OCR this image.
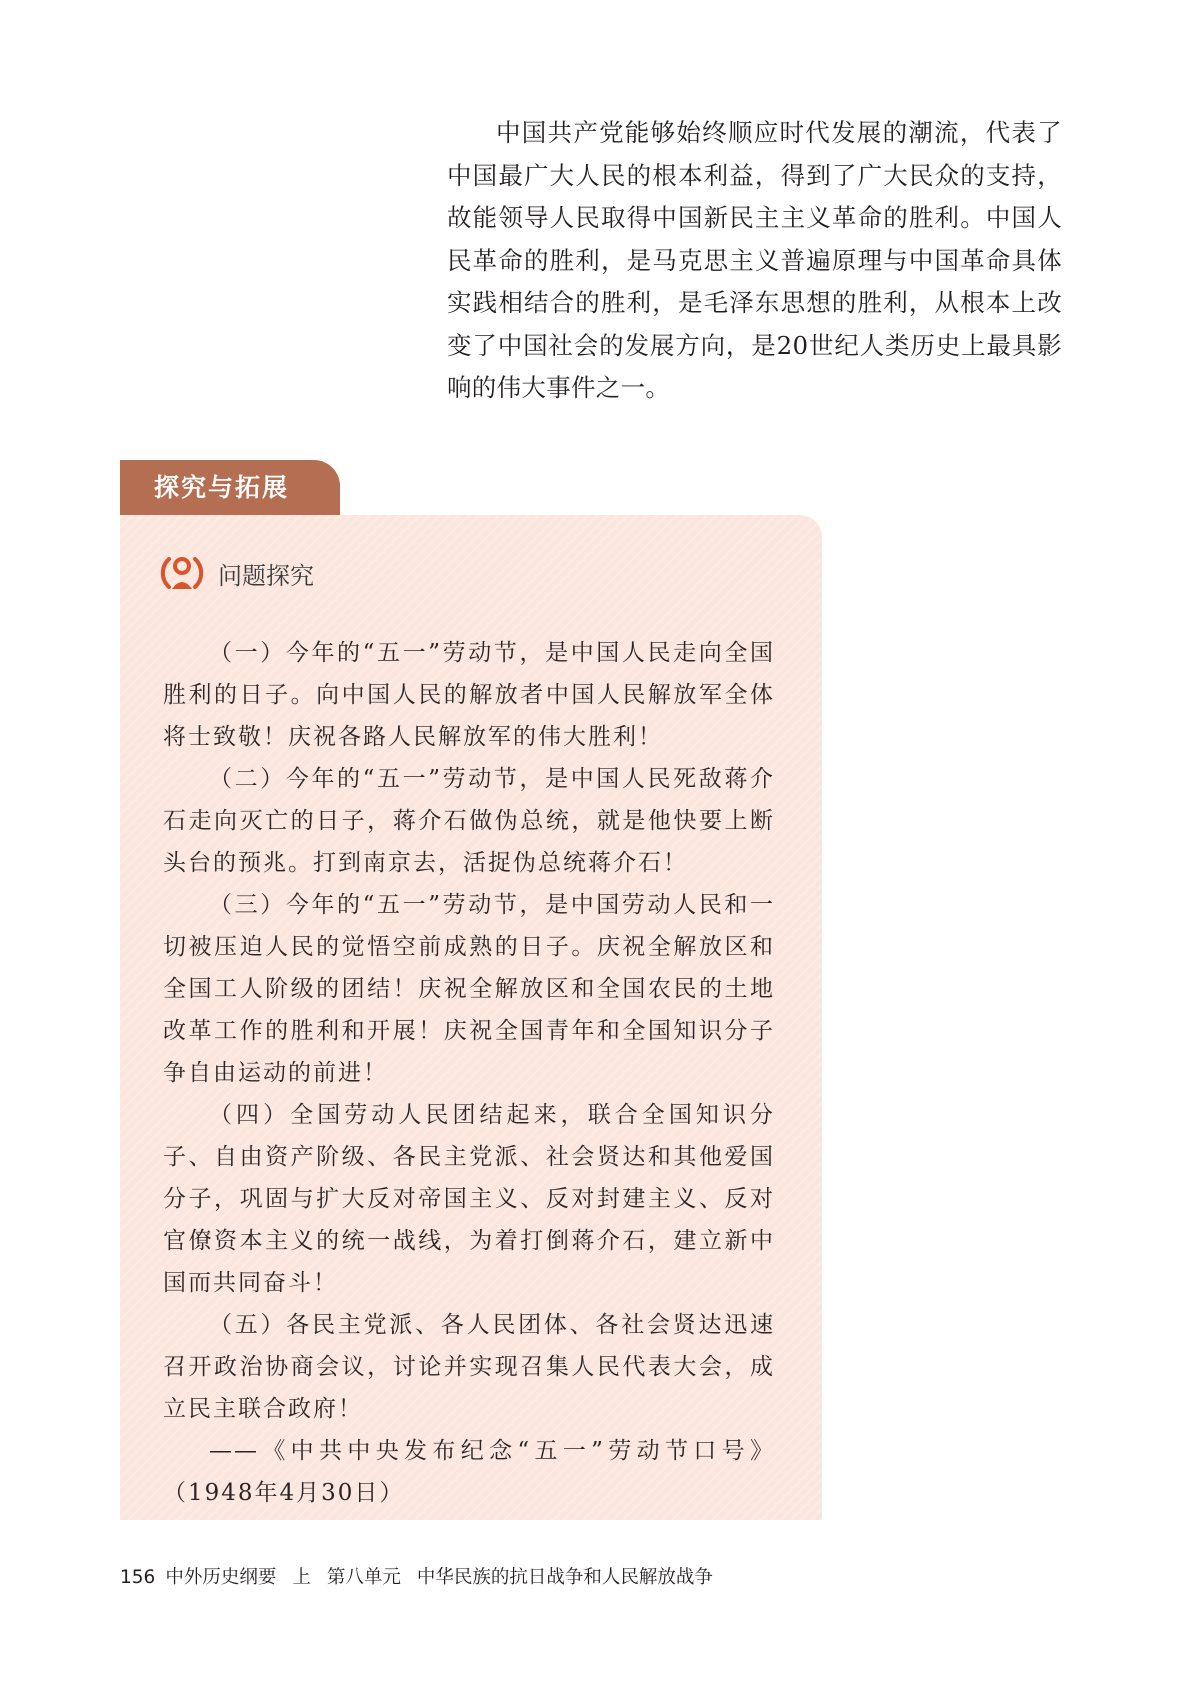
中国共产党能够始终顺应时代发展的潮流，代表了中国最广大人民的根本利益，得到了广大民众的支持，故能领导人民取得中国新民主主义革命的胜利。中国人民革命的胜利，是马克思主义普遍原理与中国革命具体实践相结合的胜利，是毛泽东思想的胜利，从根本上改变了中国社会的发展方向，是20世纪人类历史上最具影响的伟大事件之一。

探究与拓展
问题探究

（一）今年的“五一”劳动节，是中国人民走向全国胜利的日子。向中国人民的解放者中国人民解放军全体将士致敬！庆祝各路人民解放军的伟大胜利！

（二）今年的“五一”劳动节，是中国人民死敌蒋介石走向灭亡的日子，蒋介石做伪总统，就是他快要上断头台的预兆。打到南京去，活捉伪总统蒋介石！

（三）今年的“五一”劳动节，是中国劳动人民和一切被压迫人民的觉悟空前成熟的日子。庆祝全解放区和全国工人阶级的团结！庆祝全解放区和全国农民的土地改革工作的胜利和开展！庆祝全国青年和全国知识分子争自由运动的前进！

（四）全国劳动人民团结起来，联合全国知识分子、自由资产阶级、各民主党派、社会贤达和其他爱国分子，巩固与扩大反对帝国主义、反对封建主义、反对官僚资本主义的统一战线，为着打倒蒋介石，建立新中国而共同奋斗！

（五）各民主党派、各人民团体、各社会贤达迅速召开政治协商会议，讨论并实现召集人民代表大会，成立民主联合政府！

——《中共中央发布纪念“五一”劳动节口号》（1948年4月30日）

156 中外历史纲要 上 第八单元 中华民族的抗日战争和人民解放战争
